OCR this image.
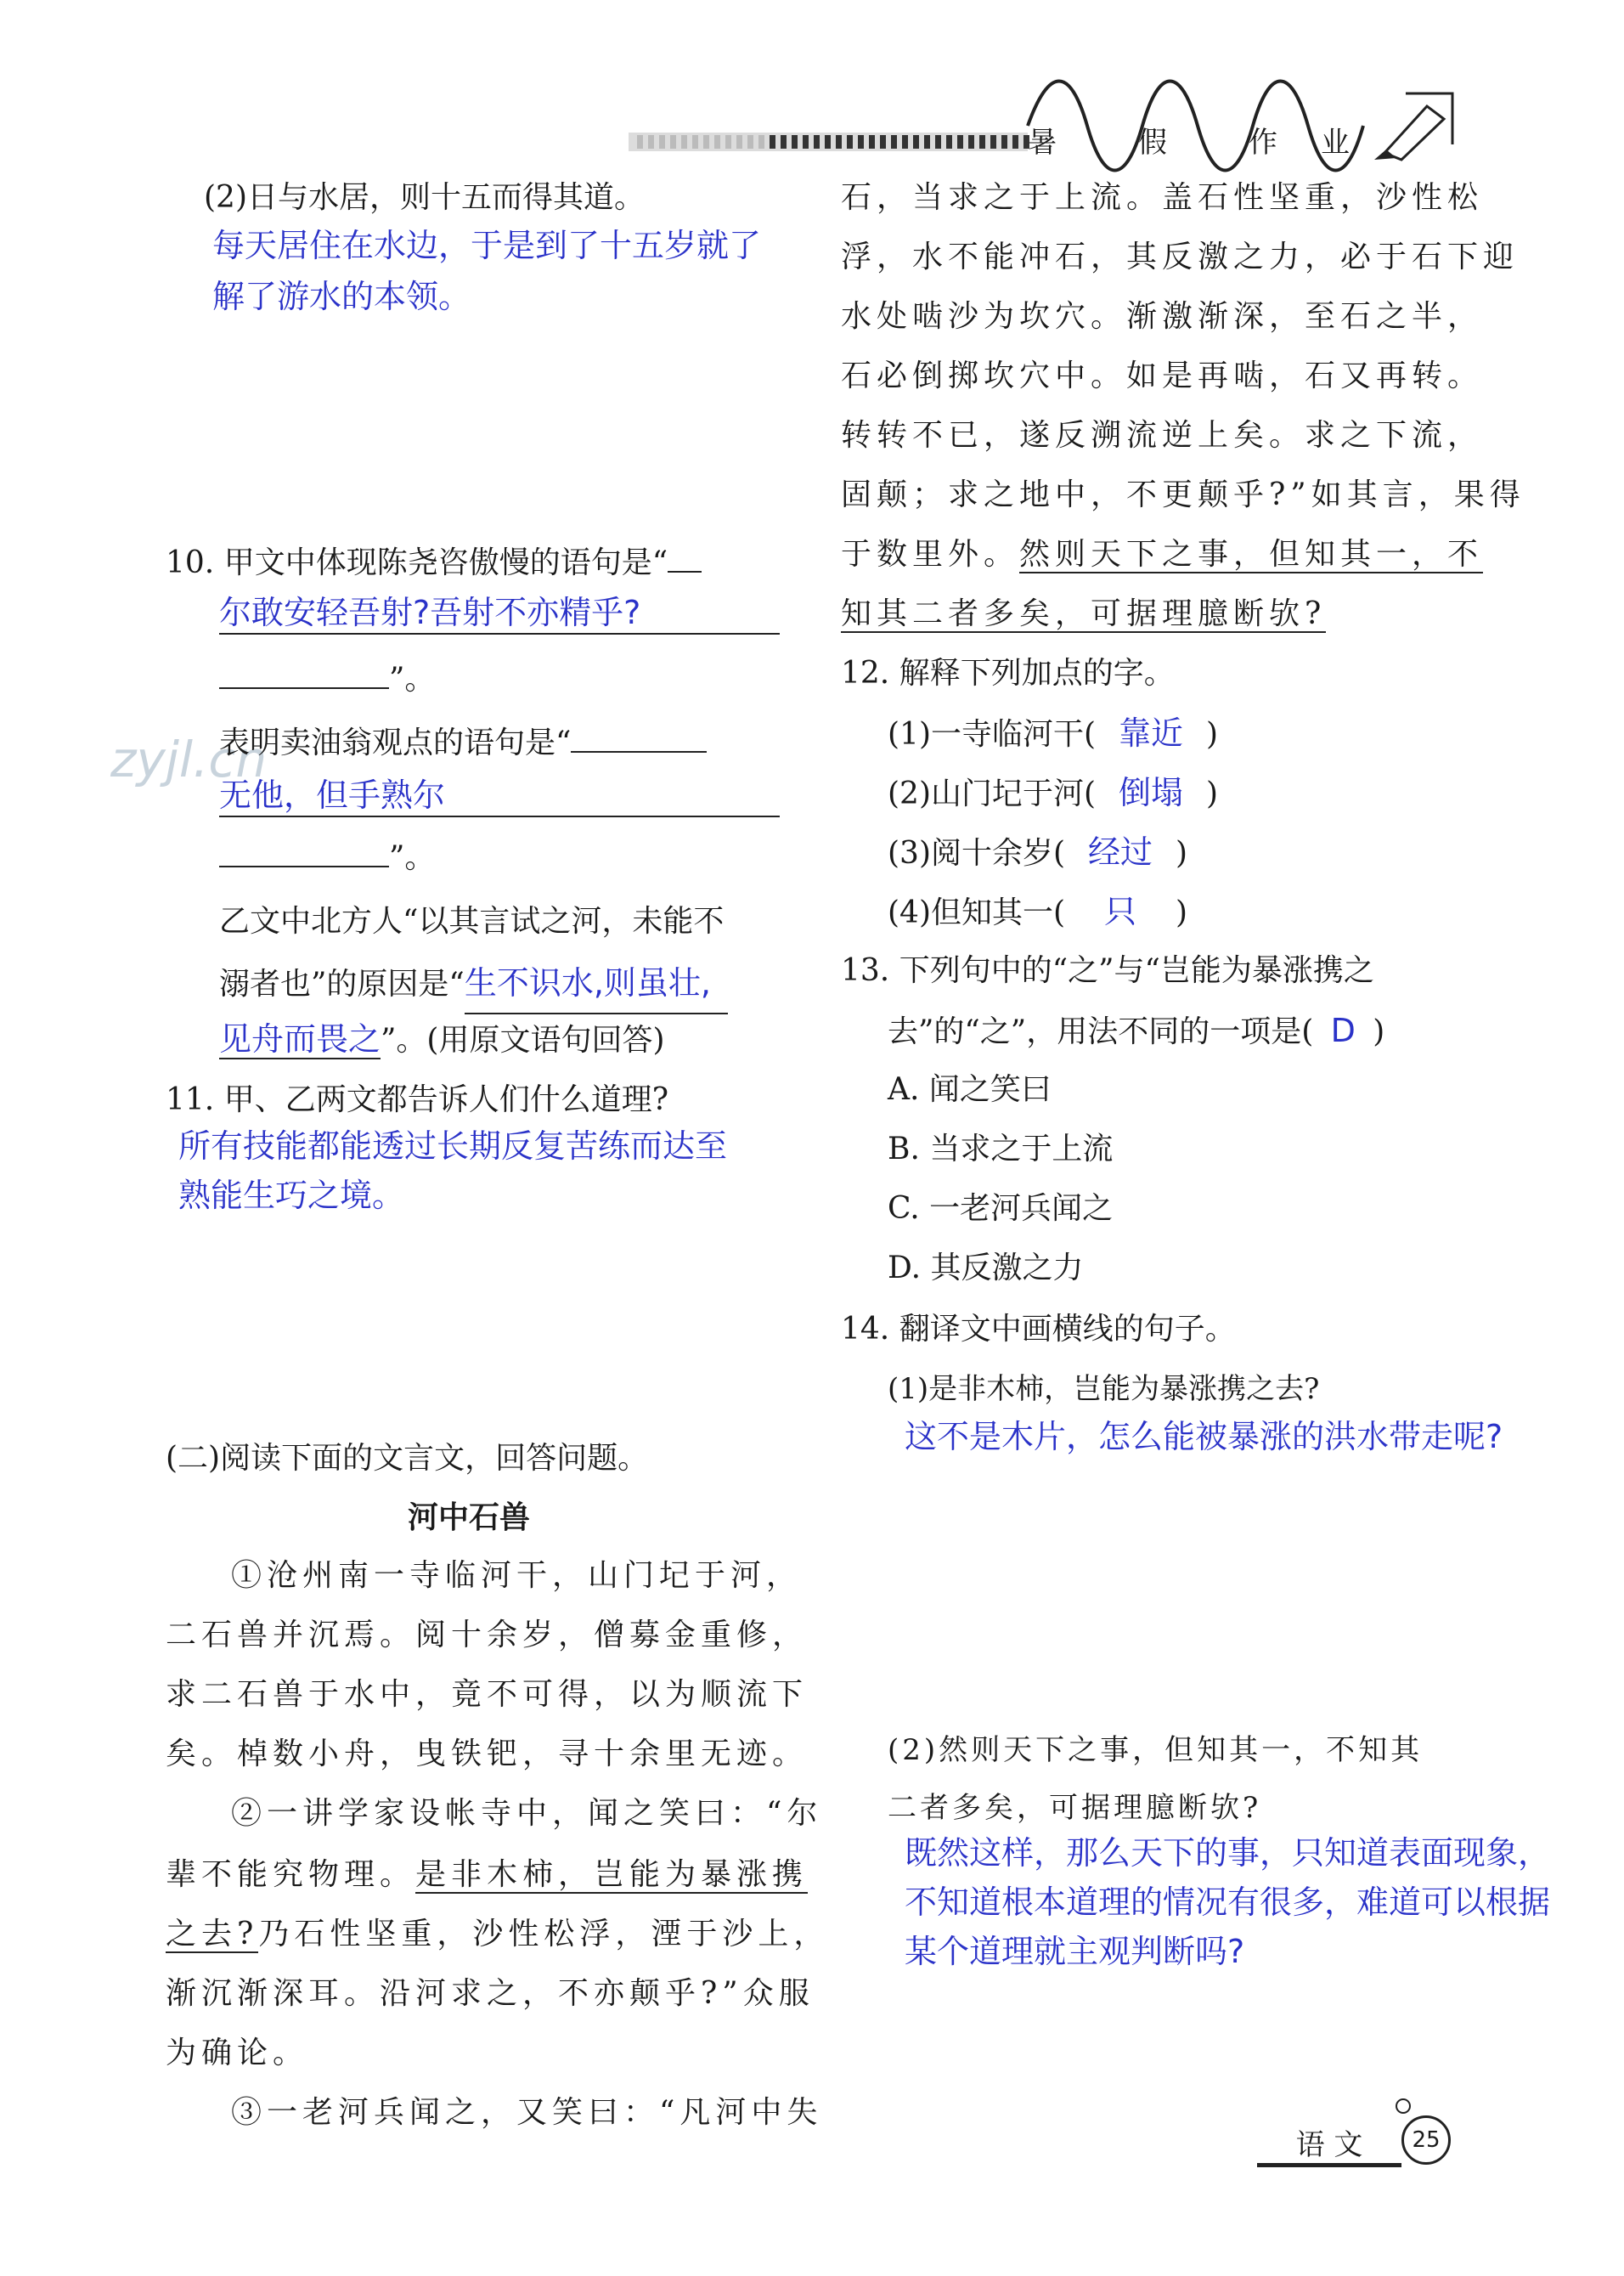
暑	假	作 业
zyjl.cn
(2)日与水居，则十五而得其道。
每天居住在水边，于是到了十五岁就了
解了游水的本领。
10. 甲文中体现陈尧咨傲慢的语句是“
尔敢安轻吾射?吾射不亦精乎?
”。
表明卖油翁观点的语句是“
无他，但手熟尔
”。
乙文中北方人“以其言试之河，未能不
溺者也”的原因是“生不识水,则虽壮,
见舟而畏之”。(用原文语句回答)
11. 甲、乙两文都告诉人们什么道理?
所有技能都能透过长期反复苦练而达至
熟能生巧之境。
(二)阅读下面的文言文，回答问题。
河中石兽
①沧州南一寺临河干，山门圮于河，
二石兽并沉焉。阅十余岁，僧募金重修，
求二石兽于水中，竟不可得，以为顺流下
矣。棹数小舟，曳铁钯，寻十余里无迹。
②一讲学家设帐寺中，闻之笑曰：“尔
辈不能究物理。是非木柿，岂能为暴涨携
之去?乃石性坚重，沙性松浮，湮于沙上，
渐沉渐深耳。沿河求之，不亦颠乎?”众服
为确论。
③一老河兵闻之，又笑曰：“凡河中失
石，当求之于上流。盖石性坚重，沙性松
浮，水不能冲石，其反激之力，必于石下迎
水处啮沙为坎穴。渐激渐深，至石之半，
石必倒掷坎穴中。如是再啮，石又再转。
转转不已，遂反溯流逆上矣。求之下流，
固颠；求之地中，不更颠乎?”如其言，果得
于数里外。然则天下之事，但知其一，不
知其二者多矣，可据理臆断欤?
12. 解释下列加点的字。
(1)一寺临河干( 靠近 )
(2)山门圮于河( 倒塌 )
(3)阅十余岁( 经过 )
(4)但知其一( 只 )
13. 下列句中的“之”与“岂能为暴涨携之
去”的“之”，用法不同的一项是( D )
A. 闻之笑曰
B. 当求之于上流
C. 一老河兵闻之
D. 其反激之力
14. 翻译文中画横线的句子。
(1)是非木柿，岂能为暴涨携之去?
这不是木片，怎么能被暴涨的洪水带走呢?
(2)然则天下之事，但知其一，不知其
二者多矣，可据理臆断欤?
既然这样，那么天下的事，只知道表面现象，
不知道根本道理的情况有很多，难道可以根据
某个道理就主观判断吗?
语 文	25
